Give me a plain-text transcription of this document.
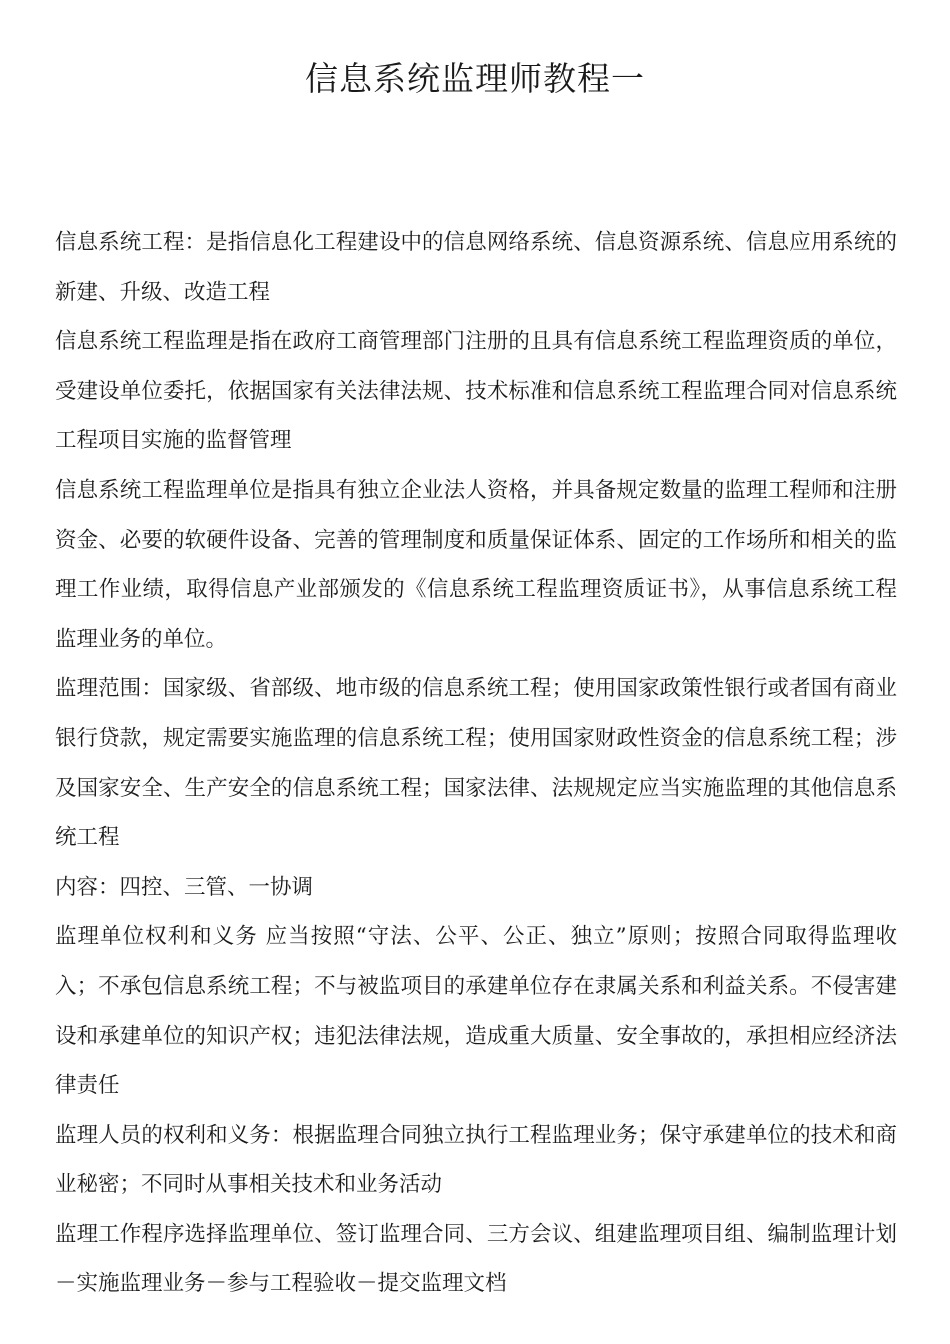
信息系统监理师教程一

信息系统工程：是指信息化工程建设中的信息网络系统、信息资源系统、信息应用系统的新建、升级、改造工程

信息系统工程监理是指在政府工商管理部门注册的且具有信息系统工程监理资质的单位，受建设单位委托，依据国家有关法律法规、技术标准和信息系统工程监理合同对信息系统工程项目实施的监督管理

信息系统工程监理单位是指具有独立企业法人资格，并具备规定数量的监理工程师和注册资金、必要的软硬件设备、完善的管理制度和质量保证体系、固定的工作场所和相关的监理工作业绩，取得信息产业部颁发的《信息系统工程监理资质证书》，从事信息系统工程监理业务的单位。

监理范围：国家级、省部级、地市级的信息系统工程；使用国家政策性银行或者国有商业银行贷款，规定需要实施监理的信息系统工程；使用国家财政性资金的信息系统工程；涉及国家安全、生产安全的信息系统工程；国家法律、法规规定应当实施监理的其他信息系统工程

内容：四控、三管、一协调

监理单位权利和义务 应当按照“守法、公平、公正、独立”原则；按照合同取得监理收入；不承包信息系统工程；不与被监项目的承建单位存在隶属关系和利益关系。不侵害建设和承建单位的知识产权；违犯法律法规，造成重大质量、安全事故的，承担相应经济法律责任

监理人员的权利和义务：根据监理合同独立执行工程监理业务；保守承建单位的技术和商业秘密；不同时从事相关技术和业务活动

监理工作程序选择监理单位、签订监理合同、三方会议、组建监理项目组、编制监理计划－实施监理业务－参与工程验收－提交监理文档
